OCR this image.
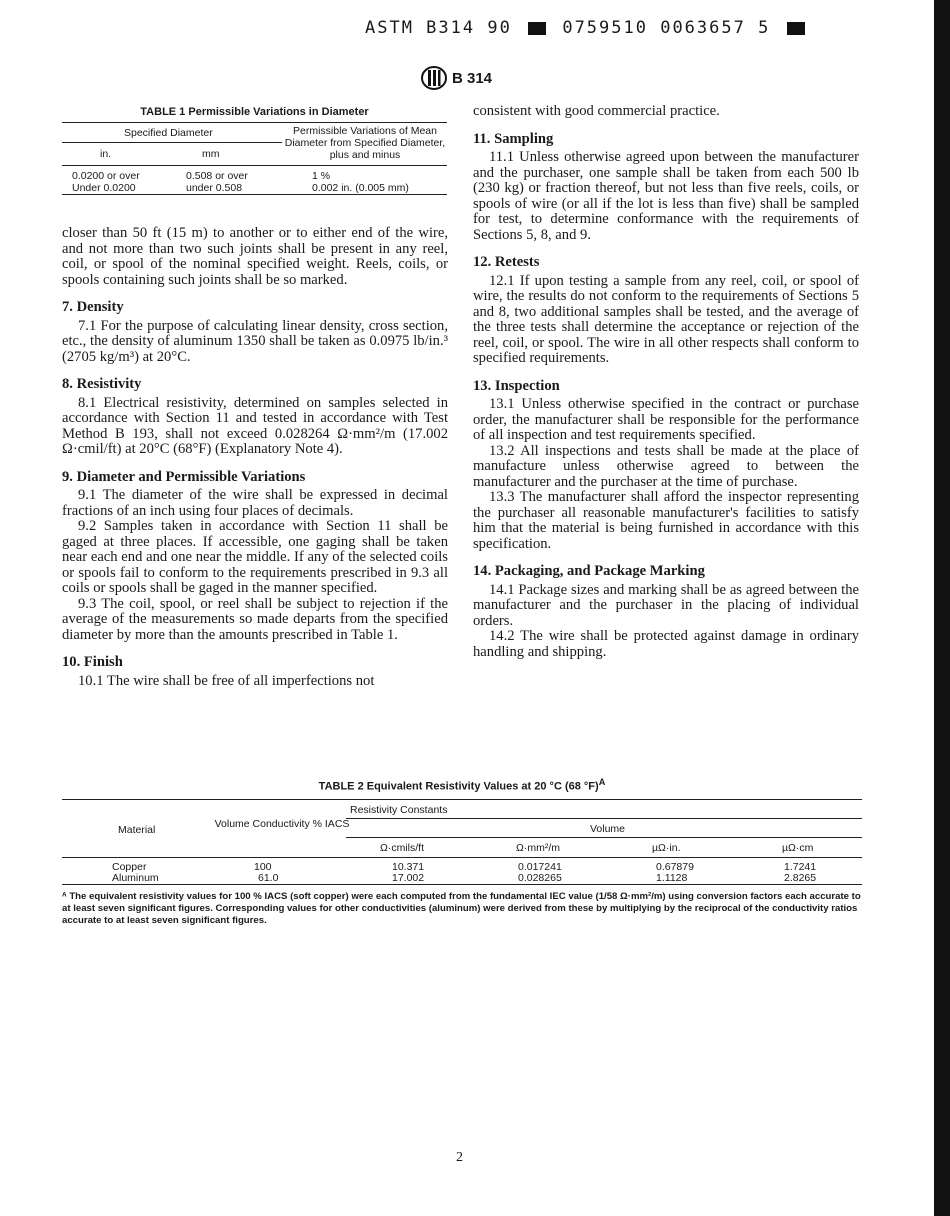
ASTM B314 90	0759510 0063657 5
B 314
TABLE 1 Permissible Variations in Diameter
Specified Diameter	Permissible Variations of Mean Diameter from Specified Diameter, plus and minus
in.	mm
0.0200 or over	0.508 or over	1 %
Under 0.0200	under 0.508	0.002 in. (0.005 mm)

closer than 50 ft (15 m) to another or to either end of the wire, and not more than two such joints shall be present in any reel, coil, or spool of the nominal specified weight. Reels, coils, or spools containing such joints shall be so marked.

7. Density

7.1 For the purpose of calculating linear density, cross section, etc., the density of aluminum 1350 shall be taken as 0.0975 lb/in.³ (2705 kg/m³) at 20°C.

8. Resistivity

8.1 Electrical resistivity, determined on samples selected in accordance with Section 11 and tested in accordance with Test Method B 193, shall not exceed 0.028264 Ω·mm²/m (17.002 Ω·cmil/ft) at 20°C (68°F) (Explanatory Note 4).

9. Diameter and Permissible Variations

9.1 The diameter of the wire shall be expressed in decimal fractions of an inch using four places of decimals.

9.2 Samples taken in accordance with Section 11 shall be gaged at three places. If accessible, one gaging shall be taken near each end and one near the middle. If any of the selected coils or spools fail to conform to the requirements prescribed in 9.3 all coils or spools shall be gaged in the manner specified.

9.3 The coil, spool, or reel shall be subject to rejection if the average of the measurements so made departs from the specified diameter by more than the amounts prescribed in Table 1.

10. Finish

10.1 The wire shall be free of all imperfections not

consistent with good commercial practice.

11. Sampling

11.1 Unless otherwise agreed upon between the manufacturer and the purchaser, one sample shall be taken from each 500 lb (230 kg) or fraction thereof, but not less than five reels, coils, or spools of wire (or all if the lot is less than five) shall be sampled for test, to determine conformance with the requirements of Sections 5, 8, and 9.

12. Retests

12.1 If upon testing a sample from any reel, coil, or spool of wire, the results do not conform to the requirements of Sections 5 and 8, two additional samples shall be tested, and the average of the three tests shall determine the acceptance or rejection of the reel, coil, or spool. The wire in all other respects shall conform to specified requirements.

13. Inspection

13.1 Unless otherwise specified in the contract or purchase order, the manufacturer shall be responsible for the performance of all inspection and test requirements specified.

13.2 All inspections and tests shall be made at the place of manufacture unless otherwise agreed to between the manufacturer and the purchaser at the time of purchase.

13.3 The manufacturer shall afford the inspector representing the purchaser all reasonable manufacturer's facilities to satisfy him that the material is being furnished in accordance with this specification.

14. Packaging, and Package Marking

14.1 Package sizes and marking shall be as agreed between the manufacturer and the purchaser in the placing of individual orders.

14.2 The wire shall be protected against damage in ordinary handling and shipping.

TABLE 2 Equivalent Resistivity Values at 20 °C (68 °F)$^A$
Resistivity Constants
Material	Volume Conductivity % IACS	Volume
Ω·cmils/ft	Ω·mm²/m	µΩ·in.	µΩ·cm
Copper	100	10.371	0.017241	0.67879	1.7241
Aluminum	61.0	17.002	0.028265	1.1128	2.8265
ᴬ The equivalent resistivity values for 100 % IACS (soft copper) were each computed from the fundamental IEC value (1/58 Ω·mm²/m) using conversion factors each accurate to at least seven significant figures. Corresponding values for other conductivities (aluminum) were derived from these by multiplying by the reciprocal of the conductivity ratios accurate to at least seven significant figures.
2
